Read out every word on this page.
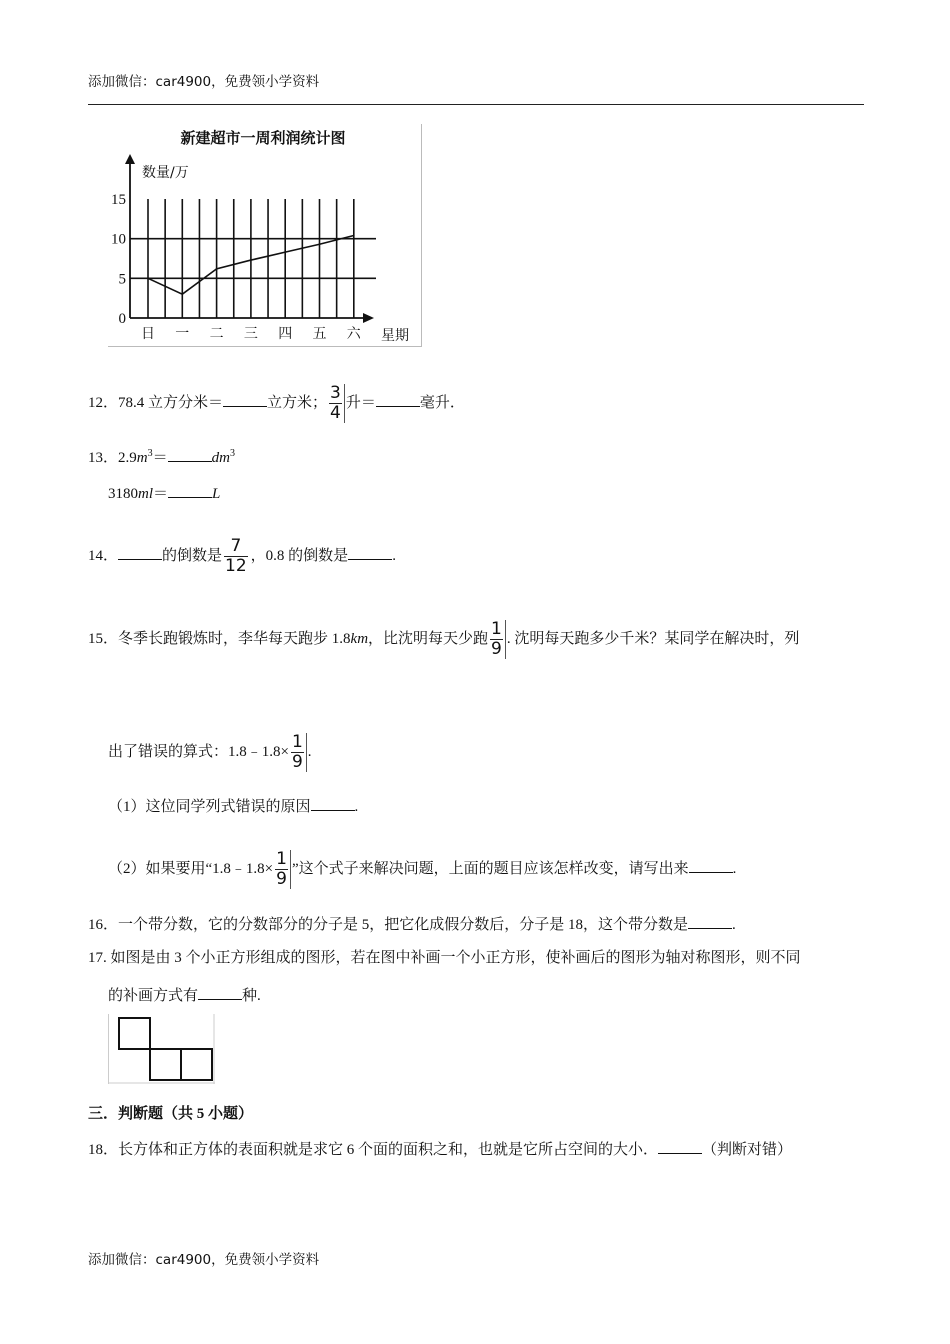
添加微信：car4900，免费领小学资料
新建超市一周利润统计图
数量/万
星期
0
5
10
15
日 一 二 三 四 五 六
12．78.4 立方分米＝	立方米； $\frac{3}{4}$ 升＝	毫升．
13．$2.9m^3=$	$dm^3$
3180ml＝	L
14．	的倒数是 $\frac{7}{12}$ ，0.8 的倒数是	.
15．冬季长跑锻炼时，李华每天跑步 1.8km，比沈明每天少跑 $\frac{1}{9}$ . 沈明每天跑多少千米？某同学在解决时，列
出了错误的算式：1.8﹣1.8× $\frac{1}{9}$ .
（1）这位同学列式错误的原因	.
（2）如果要用“1.8﹣1.8× $\frac{1}{9}$ ”这个式子来解决问题，上面的题目应该怎样改变，请写出来	.
16．一个带分数，它的分数部分的分子是 5，把它化成假分数后，分子是 18，这个带分数是	.
17. 如图是由 3 个小正方形组成的图形，若在图中补画一个小正方形，使补画后的图形为轴对称图形，则不同
的补画方式有	种.
三．判断题（共 5 小题）
18．长方体和正方体的表面积就是求它 6 个面的面积之和，也就是它所占空间的大小．	（判断对错）
添加微信：car4900，免费领小学资料
